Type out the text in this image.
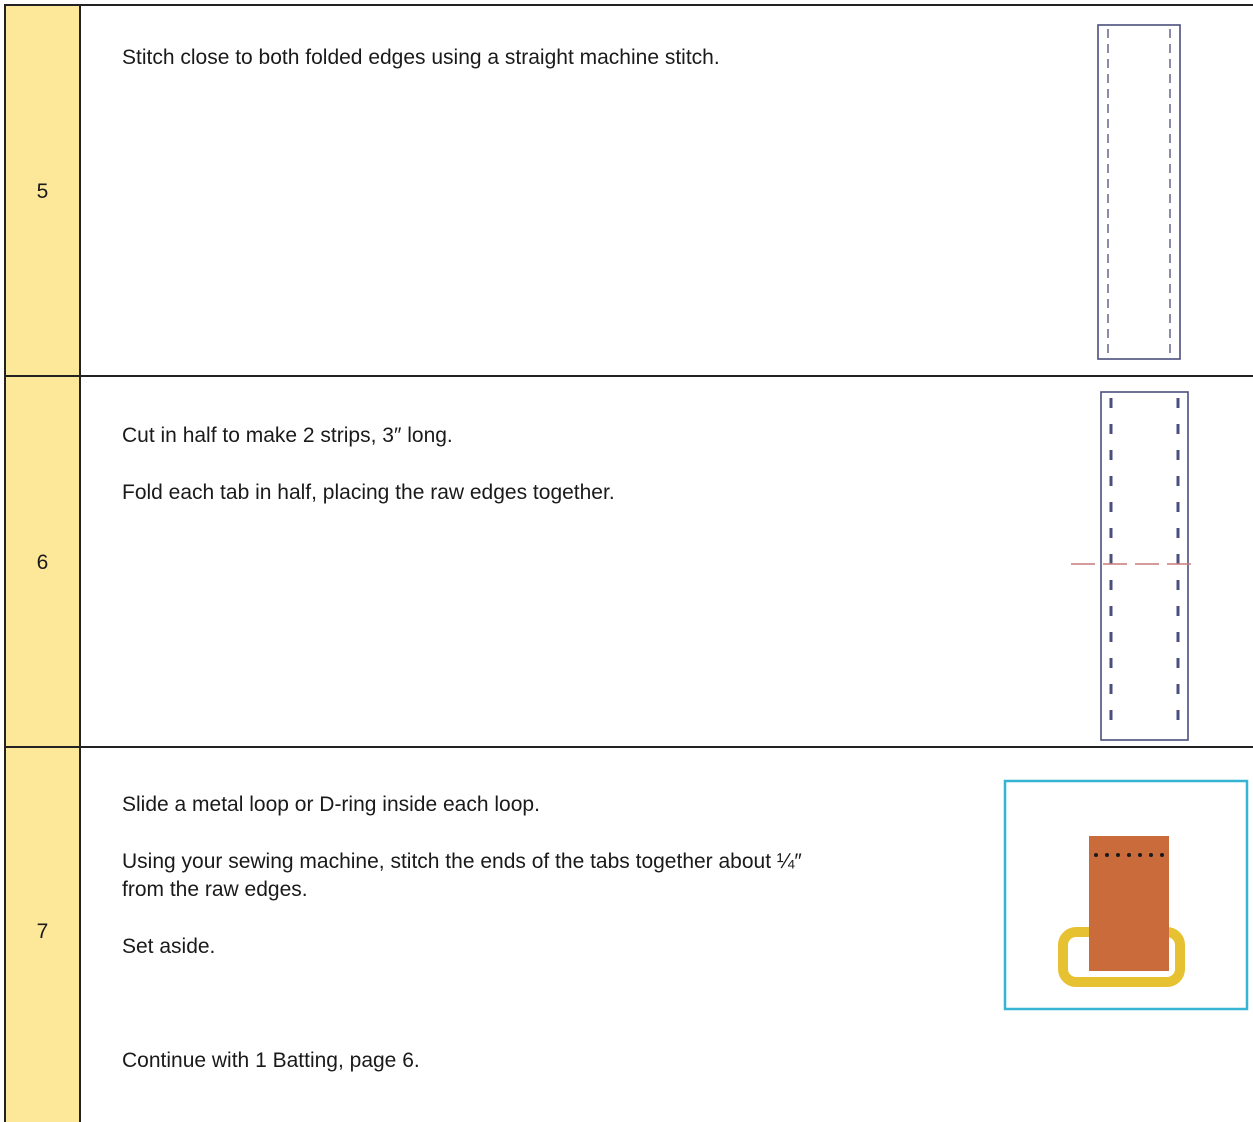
5

Stitch close to both folded edges using a straight machine stitch.

6

Cut in half to make 2 strips, 3″ long.

Fold each tab in half, placing the raw edges together.

7

Slide a metal loop or D-ring inside each loop.

Using your sewing machine, stitch the ends of the tabs together about ¼″

from the raw edges.

Set aside.

Continue with 1 Batting, page 6.
